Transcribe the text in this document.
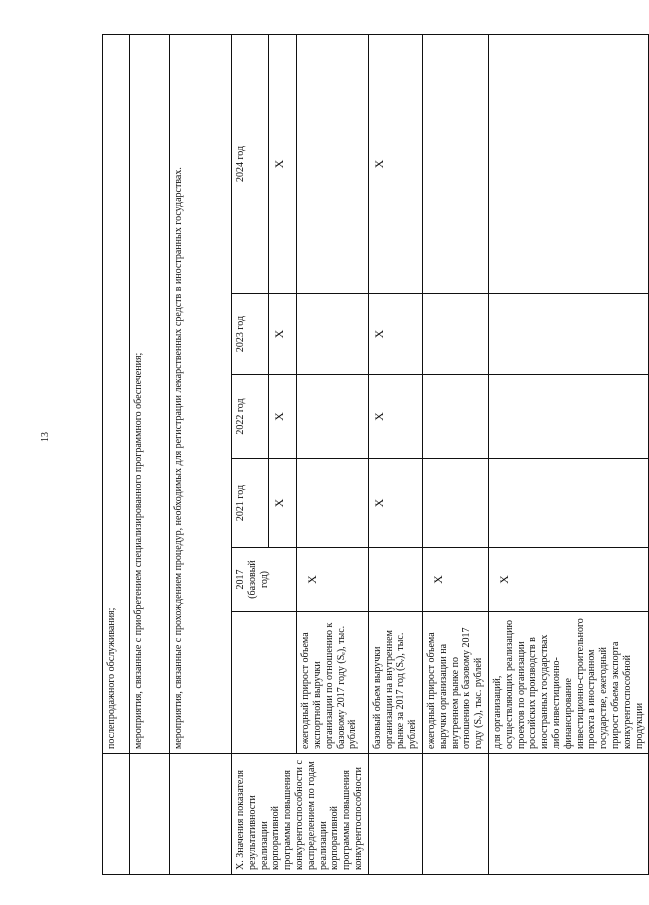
13
	послепродажного обслуживания;					
	мероприятия, связанные с приобретением специализированного программного обеспечения;					
	мероприятия, связанные с прохождением процедур, необходимых для регистрации лекарственных средств в иностранных государствах.					
X. Значения показателя результативности реализации корпоративной программы повышения конкурентоспособности с распределением по годам реализации корпоративной программы повышения конкурентоспособности		2017 (базовый год)	2021 год	2022 год	2023 год	2024 год
			X	X	X	X
	ежегодный прирост объема экспортной выручки организации по отношению к базовому 2017 году (Sₑ), тыс. рублей	X				
	базовый объем выручки организации на внутреннем рынке за 2017 год (Sᵥ), тыс. рублей		X	X	X	X
	ежегодный прирост объема выручки организации на внутреннем рынке по отношению к базовому 2017 году (Sᵥ), тыс. рублей	X				
	для организаций, осуществляющих реализацию проектов по организации российских производств в иностранных государствах либо инвестиционно-финансирование инвестиционно-строительного проекта в иностранном государстве, ежегодный прирост объема экспорта конкурентоспособной продукции	X				
